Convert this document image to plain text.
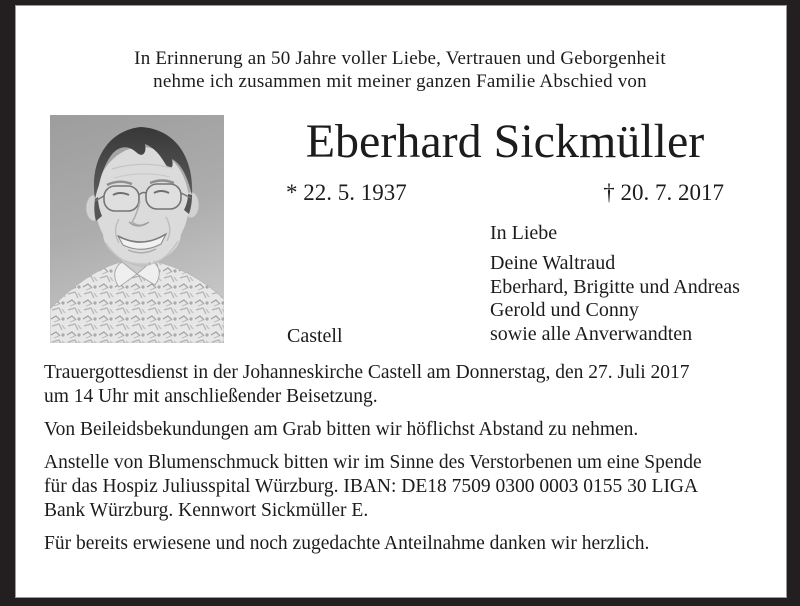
In Erinnerung an 50 Jahre voller Liebe, Vertrauen und Geborgenheit
nehme ich zusammen mit meiner ganzen Familie Abschied von
Eberhard Sickmüller
* 22. 5. 1937	† 20. 7. 2017
In Liebe
Deine Waltraud
Eberhard, Brigitte und Andreas
Gerold und Conny
sowie alle Anverwandten
Castell

Trauergottesdienst in der Johanneskirche Castell am Donnerstag, den 27. Juli 2017
um 14 Uhr mit anschließender Beisetzung.

Von Beileidsbekundungen am Grab bitten wir höflichst Abstand zu nehmen.

Anstelle von Blumenschmuck bitten wir im Sinne des Verstorbenen um eine Spende
für das Hospiz Juliusspital Würzburg. IBAN: DE18 7509 0300 0003 0155 30 LIGA
Bank Würzburg. Kennwort Sickmüller E.

Für bereits erwiesene und noch zugedachte Anteilnahme danken wir herzlich.
